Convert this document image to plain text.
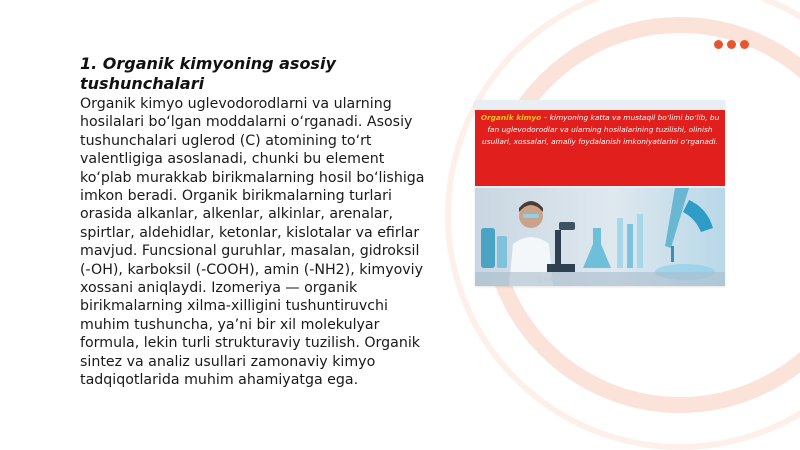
1. Organik kimyoning asosiy tushunchalari

Organik kimyo uglevodorodlarni va ularning hosilalari bo‘lgan moddalarni o‘rganadi. Asosiy tushunchalari uglerod (C) atomining to‘rt valentligiga asoslanadi, chunki bu element ko‘plab murakkab birikmalarning hosil bo‘lishiga imkon beradi. Organik birikmalarning turlari orasida alkanlar, alkenlar, alkinlar, arenalar, spirtlar, aldehidlar, ketonlar, kislotalar va efirlar mavjud. Funcsional guruhlar, masalan, gidroksil (-OH), karboksil (-COOH), amin (-NH2), kimyoviy xossani aniqlaydi. Izomeriya — organik birikmalarning xilma-xilligini tushuntiruvchi muhim tushuncha, ya’ni bir xil molekulyar formula, lekin turli strukturaviy tuzilish. Organik sintez va analiz usullari zamonaviy kimyo tadqiqotlarida muhim ahamiyatga ega.

Organik kimyo – kimyoning katta va mustaqil bo‘limi bo‘lib, bu fan uglevodorodlar va ularning hosilalarining tuzilishi, olinish usullari, xossalari, amaliy foydalanish imkoniyatlarini o‘rganadi.

CANSTOCK
